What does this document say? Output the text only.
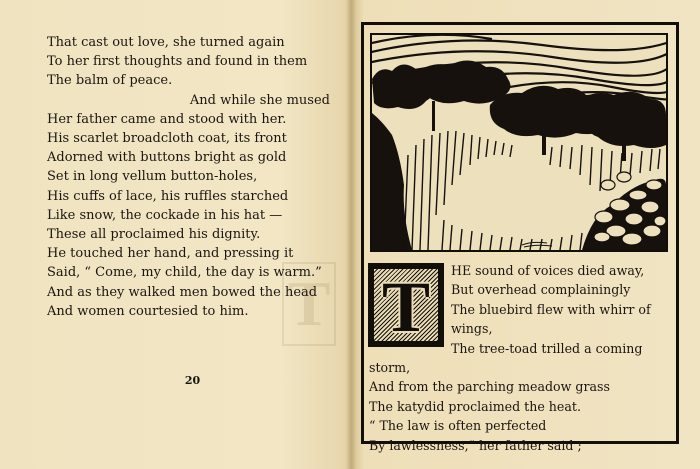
T
That cast out love, she turned again
To her first thoughts and found in them
The balm of peace.
And while she mused
Her father came and stood with her.
His scarlet broadcloth coat, its front
Adorned with buttons bright as gold
Set in long vellum button-holes,
His cuffs of lace, his ruffles starched
Like snow, the cockade in his hat —
These all proclaimed his dignity.
He touched her hand, and pressing it
Said, “ Come, my child, the day is warm.”
And as they walked men bowed the head
And women courtesied to him.
20
T	HE sound of voices died away,
But overhead complainingly
The bluebird flew with whirr of
wings,
The tree-toad trilled a coming
storm,
And from the parching meadow grass
The katydid proclaimed the heat.
“ The law is often perfected
By lawlessness,” her father said ;
